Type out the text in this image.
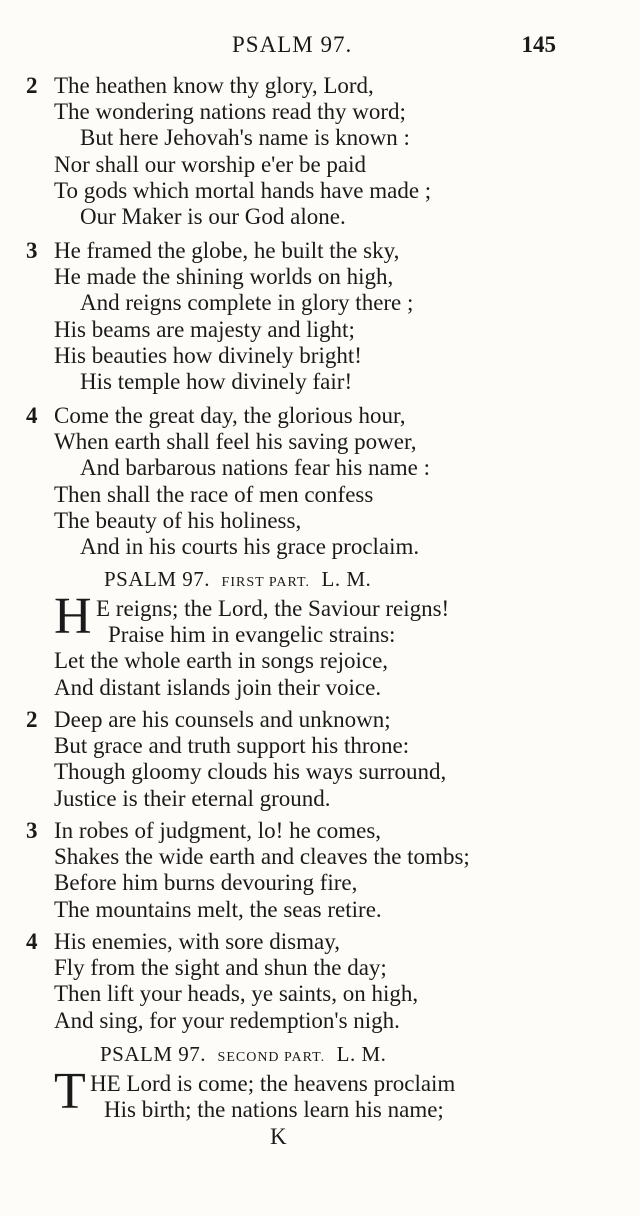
PSALM 97.	145
2 The heathen know thy glory, Lord,
The wondering nations read thy word;
But here Jehovah's name is known :
Nor shall our worship e'er be paid
To gods which mortal hands have made ;
Our Maker is our God alone.
3 He framed the globe, he built the sky,
He made the shining worlds on high,
And reigns complete in glory there ;
His beams are majesty and light;
His beauties how divinely bright!
His temple how divinely fair!
4 Come the great day, the glorious hour,
When earth shall feel his saving power,
And barbarous nations fear his name :
Then shall the race of men confess
The beauty of his holiness,
And in his courts his grace proclaim.
PSALM 97. FIRST PART. L. M.
H E reigns; the Lord, the Saviour reigns!
Praise him in evangelic strains:
Let the whole earth in songs rejoice,
And distant islands join their voice.
2 Deep are his counsels and unknown;
But grace and truth support his throne:
Though gloomy clouds his ways surround,
Justice is their eternal ground.
3 In robes of judgment, lo! he comes,
Shakes the wide earth and cleaves the tombs;
Before him burns devouring fire,
The mountains melt, the seas retire.
4 His enemies, with sore dismay,
Fly from the sight and shun the day;
Then lift your heads, ye saints, on high,
And sing, for your redemption's nigh.
PSALM 97. SECOND PART. L. M.
T HE Lord is come; the heavens proclaim
His birth; the nations learn his name;
K
